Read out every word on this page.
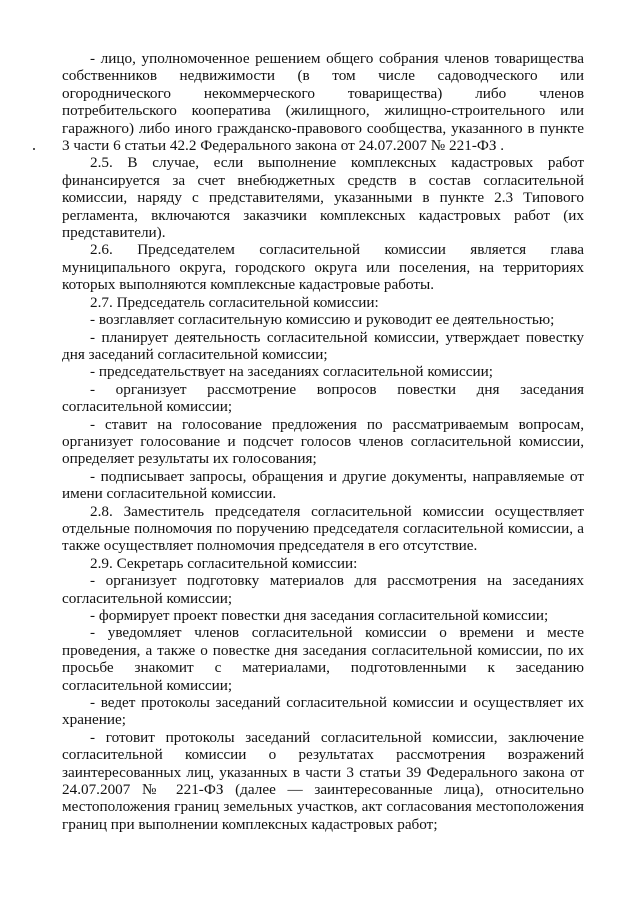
- лицо, уполномоченное решением общего собрания членов товарищества собственников недвижимости (в том числе садоводческого или огороднического некоммерческого товарищества) либо членов потребительского кооператива (жилищного, жилищно-строительного или гаражного) либо иного гражданско-правового сообщества, указанного в пункте 3 части 6 статьи 42.2 Федерального закона от 24.07.2007 № 221-ФЗ .

2.5. В случае, если выполнение комплексных кадастровых работ финансируется за счет внебюджетных средств в состав согласительной комиссии, наряду с представителями, указанными в пункте 2.3 Типового регламента, включаются заказчики комплексных кадастровых работ (их представители).

2.6. Председателем согласительной комиссии является глава муниципального округа, городского округа или поселения, на территориях которых выполняются комплексные кадастровые работы.

2.7. Председатель согласительной комиссии:

- возглавляет согласительную комиссию и руководит ее деятельностью;

- планирует деятельность согласительной комиссии, утверждает повестку дня заседаний согласительной комиссии;

- председательствует на заседаниях согласительной комиссии;

- организует рассмотрение вопросов повестки дня заседания согласительной комиссии;

- ставит на голосование предложения по рассматриваемым вопросам, организует голосование и подсчет голосов членов согласительной комиссии, определяет результаты их голосования;

- подписывает запросы, обращения и другие документы, направляемые от имени согласительной комиссии.

2.8. Заместитель председателя согласительной комиссии осуществляет отдельные полномочия по поручению председателя согласительной комиссии, а также осуществляет полномочия председателя в его отсутствие.

2.9. Секретарь согласительной комиссии:

- организует подготовку материалов для рассмотрения на заседаниях согласительной комиссии;

- формирует проект повестки дня заседания согласительной комиссии;

- уведомляет членов согласительной комиссии о времени и месте проведения, а также о повестке дня заседания согласительной комиссии, по их просьбе знакомит с материалами, подготовленными к заседанию согласительной комиссии;

- ведет протоколы заседаний согласительной комиссии и осуществляет их хранение;

- готовит протоколы заседаний согласительной комиссии, заключение согласительной комиссии о результатах рассмотрения возражений заинтересованных лиц, указанных в части 3 статьи 39 Федерального закона от 24.07.2007 № 221-ФЗ (далее — заинтересованные лица), относительно местоположения границ земельных участков, акт согласования местоположения границ при выполнении комплексных кадастровых работ;
